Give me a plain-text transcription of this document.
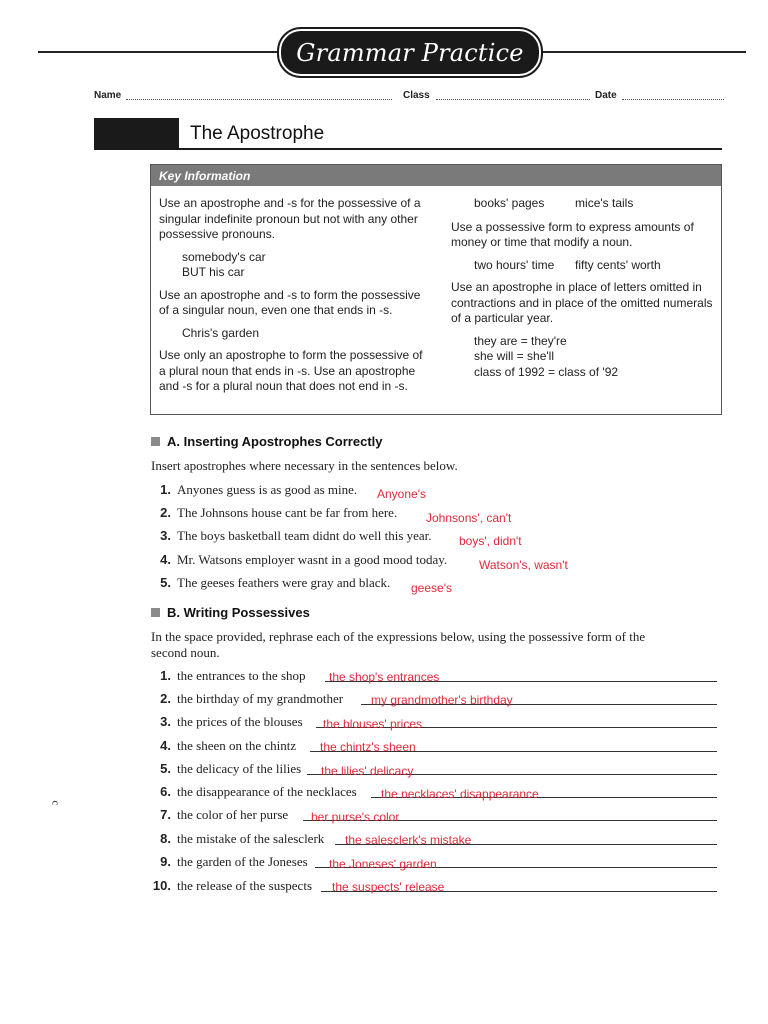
Grammar Practice
Name	Class	Date
The Apostrophe
Key Information

Use an apostrophe and -s for the possessive of a singular indefinite pronoun but not with any other possessive pronouns.

somebody's car

BUT his car

Use an apostrophe and -s to form the possessive of a singular noun, even one that ends in -s.

Chris's garden

Use only an apostrophe to form the possessive of a plural noun that ends in -s. Use an apostrophe and -s for a plural noun that does not end in -s.

books' pages	mice's tails

Use a possessive form to express amounts of money or time that modify a noun.

two hours' time fifty cents' worth

Use an apostrophe in place of letters omitted in contractions and in place of the omitted numerals of a particular year.

they are = they're

she will = she'll

class of 1992 = class of '92

A. Inserting Apostrophes Correctly
Insert apostrophes where necessary in the sentences below.
1. Anyones guess is as good as mine. Anyone's
2. The Johnsons house cant be far from here. Johnsons', can't
3. The boys basketball team didnt do well this year. boys', didn't
4. Mr. Watsons employer wasnt in a good mood today.	Watson's, wasn't
5. The geeses feathers were gray and black. geese's
B. Writing Possessives
In the space provided, rephrase each of the expressions below, using the possessive form of the second noun.
1. the entrances to the shop the shop's entrances
2. the birthday of my grandmother my grandmother's birthday
3. the prices of the blouses the blouses' prices
4. the sheen on the chintz the chintz's sheen
5. the delicacy of the lilies the lilies' delicacy
6. the disappearance of the necklaces the necklaces' disappearance
7. the color of her purse her purse's color
8. the mistake of the salesclerk the salesclerk's mistake
9. the garden of the Joneses the Joneses' garden
10. the release of the suspects the suspects' release
c
